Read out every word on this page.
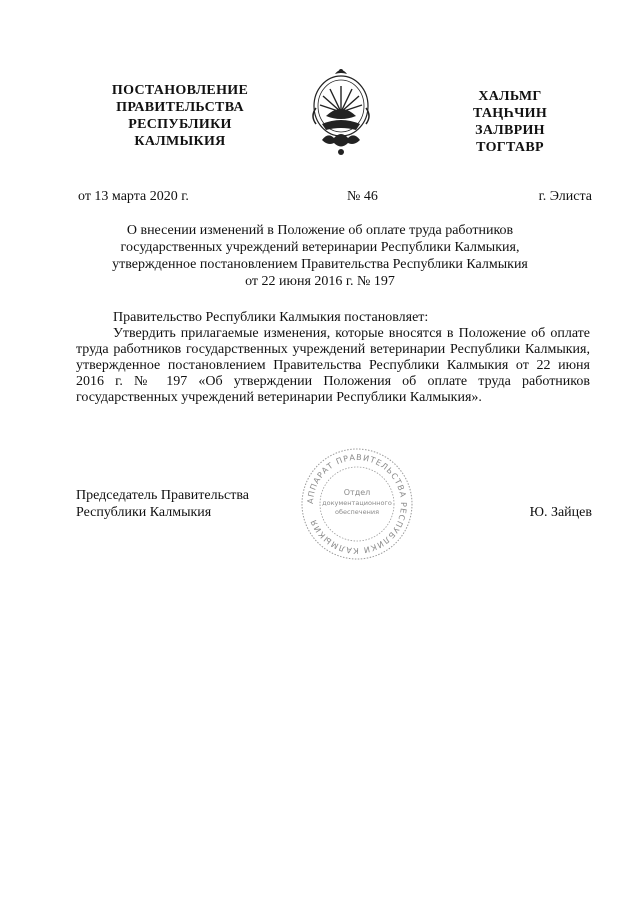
ПОСТАНОВЛЕНИЕ
ПРАВИТЕЛЬСТВА
РЕСПУБЛИКИ
КАЛМЫКИЯ
ХАЛЬМГ
ТАҢҺЧИН
ЗАЛВРИН
ТОГТАВР
от 13 марта 2020 г.	№ 46	г. Элиста
О внесении изменений в Положение об оплате труда работников
государственных учреждений ветеринарии Республики Калмыкия,
утвержденное постановлением Правительства Республики Калмыкия
от 22 июня 2016 г. № 197
Правительство Республики Калмыкия постановляет:
Утвердить прилагаемые изменения, которые вносятся в Положение об оплате труда работников государственных учреждений ветеринарии Республики Калмыкия, утвержденное постановлением Правительства Республики Калмыкия от 22 июня 2016 г. № 197 «Об утверждении Положения об оплате труда работников государственных учреждений ветеринарии Республики Калмыкия».
Председатель Правительства
Республики Калмыкия
АППАРАТ ПРАВИТЕЛЬСТВА РЕСПУБЛИКИ КАЛМЫКИЯ
Отдел
документационного
обеспечения	Ю. Зайцев
